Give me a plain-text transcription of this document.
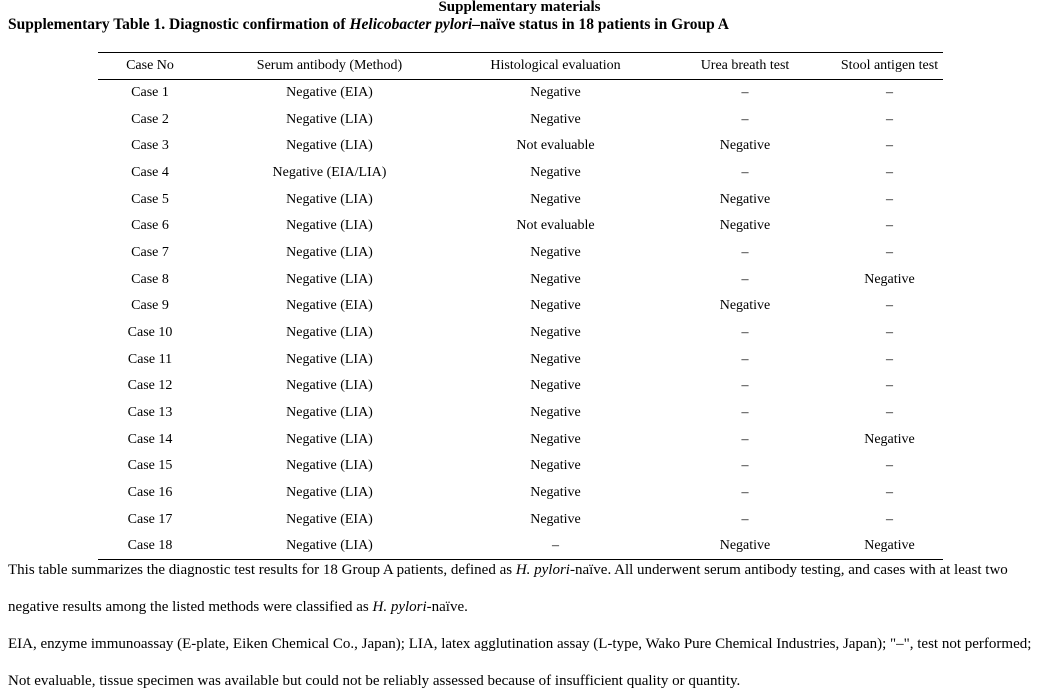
Supplementary materials
Supplementary Table 1. Diagnostic confirmation of Helicobacter pylori–naïve status in 18 patients in Group A
Case No	Serum antibody (Method)	Histological evaluation	Urea breath test	Stool antigen test
Case 1	Negative (EIA)	Negative	–	–
Case 2	Negative (LIA)	Negative	–	–
Case 3	Negative (LIA)	Not evaluable	Negative	–
Case 4	Negative (EIA/LIA)	Negative	–	–
Case 5	Negative (LIA)	Negative	Negative	–
Case 6	Negative (LIA)	Not evaluable	Negative	–
Case 7	Negative (LIA)	Negative	–	–
Case 8	Negative (LIA)	Negative	–	Negative
Case 9	Negative (EIA)	Negative	Negative	–
Case 10	Negative (LIA)	Negative	–	–
Case 11	Negative (LIA)	Negative	–	–
Case 12	Negative (LIA)	Negative	–	–
Case 13	Negative (LIA)	Negative	–	–
Case 14	Negative (LIA)	Negative	–	Negative
Case 15	Negative (LIA)	Negative	–	–
Case 16	Negative (LIA)	Negative	–	–
Case 17	Negative (EIA)	Negative	–	–
Case 18	Negative (LIA)	–	Negative	Negative
This table summarizes the diagnostic test results for 18 Group A patients, defined as H. pylori-naïve. All underwent serum antibody testing, and cases with at least two negative results among the listed methods were classified as H. pylori-naïve.
EIA, enzyme immunoassay (E-plate, Eiken Chemical Co., Japan); LIA, latex agglutination assay (L-type, Wako Pure Chemical Industries, Japan); "–", test not performed; Not evaluable, tissue specimen was available but could not be reliably assessed because of insufficient quality or quantity.
